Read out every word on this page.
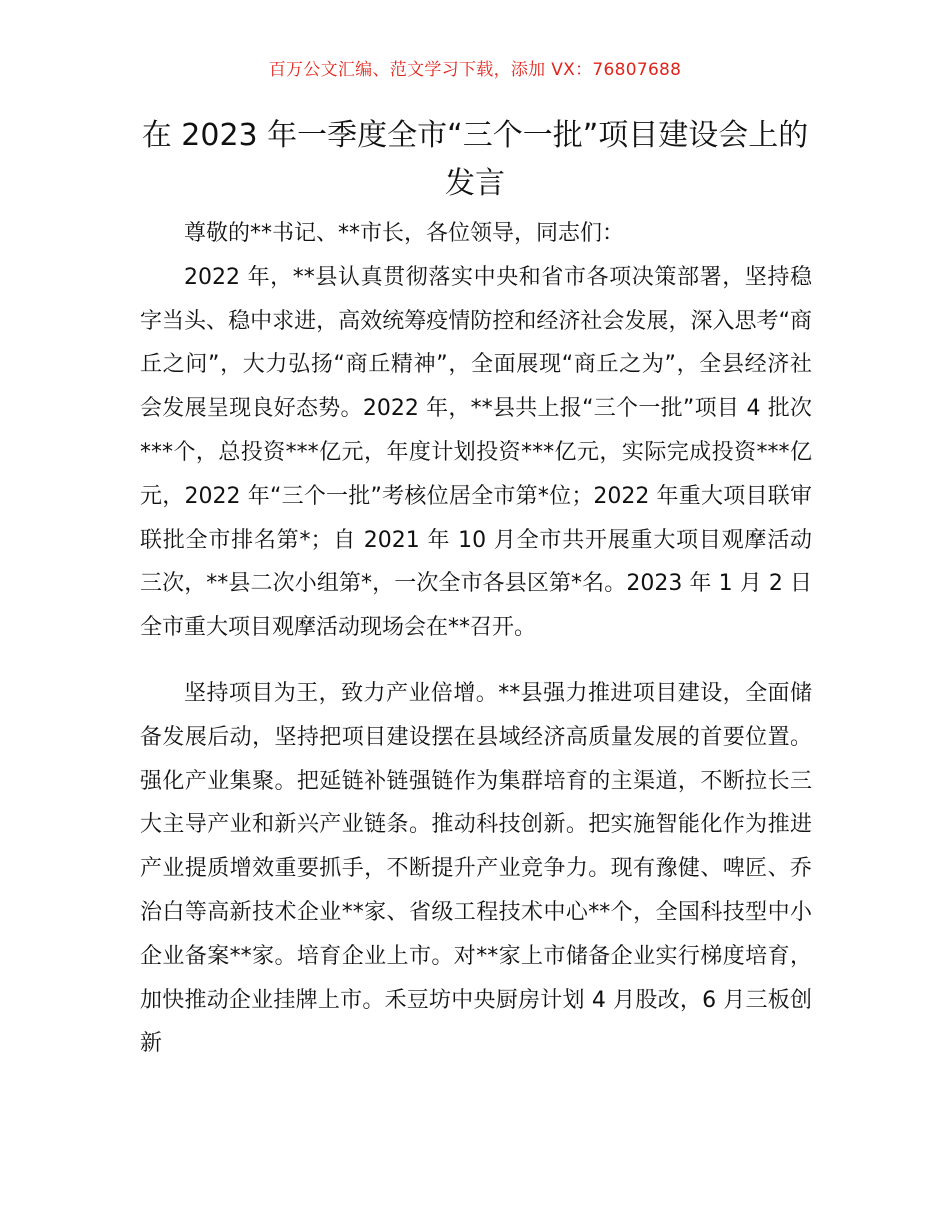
百万公文汇编、范文学习下载，添加 VX：76807688
在 2023 年一季度全市“三个一批”项目建设会上的发言

尊敬的**书记、**市长，各位领导，同志们：

2022 年，**县认真贯彻落实中央和省市各项决策部署，坚持稳字当头、稳中求进，高效统筹疫情防控和经济社会发展，深入思考“商丘之问”，大力弘扬“商丘精神”，全面展现“商丘之为”，全县经济社会发展呈现良好态势。2022 年，**县共上报“三个一批”项目 4 批次***个，总投资***亿元，年度计划投资***亿元，实际完成投资***亿元，2022 年“三个一批”考核位居全市第*位；2022 年重大项目联审联批全市排名第*；自 2021 年 10 月全市共开展重大项目观摩活动三次，**县二次小组第*，一次全市各县区第*名。2023 年 1 月 2 日全市重大项目观摩活动现场会在**召开。

坚持项目为王，致力产业倍增。**县强力推进项目建设，全面储备发展后动，坚持把项目建设摆在县域经济高质量发展的首要位置。强化产业集聚。把延链补链强链作为集群培育的主渠道，不断拉长三大主导产业和新兴产业链条。推动科技创新。把实施智能化作为推进产业提质增效重要抓手，不断提升产业竞争力。现有豫健、啤匠、乔治白等高新技术企业**家、省级工程技术中心**个，全国科技型中小企业备案**家。培育企业上市。对**家上市储备企业实行梯度培育，加快推动企业挂牌上市。禾豆坊中央厨房计划 4 月股改，6 月三板创新
